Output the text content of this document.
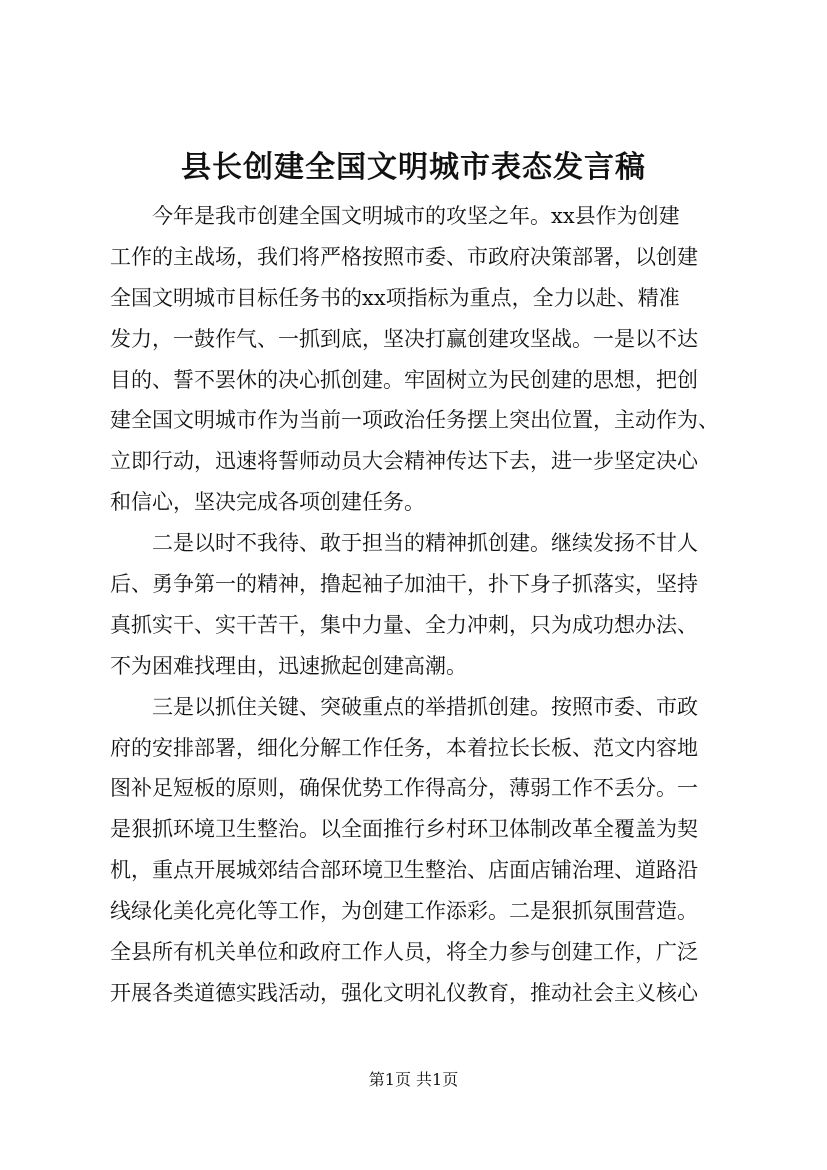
县长创建全国文明城市表态发言稿
今年是我市创建全国文明城市的攻坚之年。xx县作为创建
工作的主战场，我们将严格按照市委、市政府决策部署，以创建
全国文明城市目标任务书的xx项指标为重点，全力以赴、精准
发力，一鼓作气、一抓到底，坚决打赢创建攻坚战。一是以不达
目的、誓不罢休的决心抓创建。牢固树立为民创建的思想，把创
建全国文明城市作为当前一项政治任务摆上突出位置，主动作为、
立即行动，迅速将誓师动员大会精神传达下去，进一步坚定决心
和信心，坚决完成各项创建任务。
二是以时不我待、敢于担当的精神抓创建。继续发扬不甘人
后、勇争第一的精神，撸起袖子加油干，扑下身子抓落实，坚持
真抓实干、实干苦干，集中力量、全力冲刺，只为成功想办法、
不为困难找理由，迅速掀起创建高潮。
三是以抓住关键、突破重点的举措抓创建。按照市委、市政
府的安排部署，细化分解工作任务，本着拉长长板、范文内容地
图补足短板的原则，确保优势工作得高分，薄弱工作不丢分。一
是狠抓环境卫生整治。以全面推行乡村环卫体制改革全覆盖为契
机，重点开展城郊结合部环境卫生整治、店面店铺治理、道路沿
线绿化美化亮化等工作，为创建工作添彩。二是狠抓氛围营造。
全县所有机关单位和政府工作人员，将全力参与创建工作，广泛
开展各类道德实践活动，强化文明礼仪教育，推动社会主义核心
第1页 共1页
